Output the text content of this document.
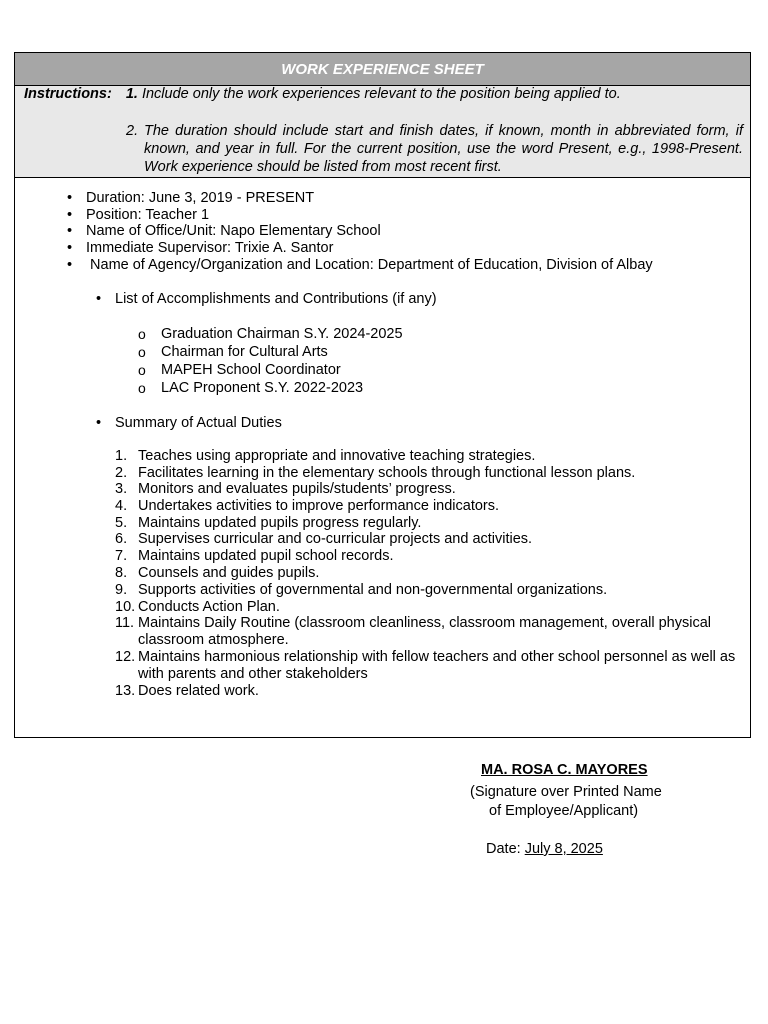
WORK EXPERIENCE SHEET
Instructions: 1. Include only the work experiences relevant to the position being applied to.
2. The duration should include start and finish dates, if known, month in abbreviated form, if known, and year in full. For the current position, use the word Present, e.g., 1998-Present. Work experience should be listed from most recent first.
• Duration: June 3, 2019 - PRESENT
• Position: Teacher 1
• Name of Office/Unit: Napo Elementary School
• Immediate Supervisor: Trixie A. Santor
•  Name of Agency/Organization and Location: Department of Education, Division of Albay
• List of Accomplishments and Contributions (if any)
o Graduation Chairman S.Y. 2024-2025
o Chairman for Cultural Arts
o MAPEH School Coordinator
o LAC Proponent S.Y. 2022-2023
• Summary of Actual Duties
1. Teaches using appropriate and innovative teaching strategies.
2. Facilitates learning in the elementary schools through functional lesson plans.
3. Monitors and evaluates pupils/students’ progress.
4. Undertakes activities to improve performance indicators.
5. Maintains updated pupils progress regularly.
6. Supervises curricular and co-curricular projects and activities.
7. Maintains updated pupil school records.
8. Counsels and guides pupils.
9. Supports activities of governmental and non-governmental organizations.
10. Conducts Action Plan.
11. Maintains Daily Routine (classroom cleanliness, classroom management, overall physical classroom atmosphere.
12. Maintains harmonious relationship with fellow teachers and other school personnel as well as with parents and other stakeholders
13. Does related work.
MA. ROSA C. MAYORES
(Signature over Printed Name
of Employee/Applicant)
Date: July 8, 2025
